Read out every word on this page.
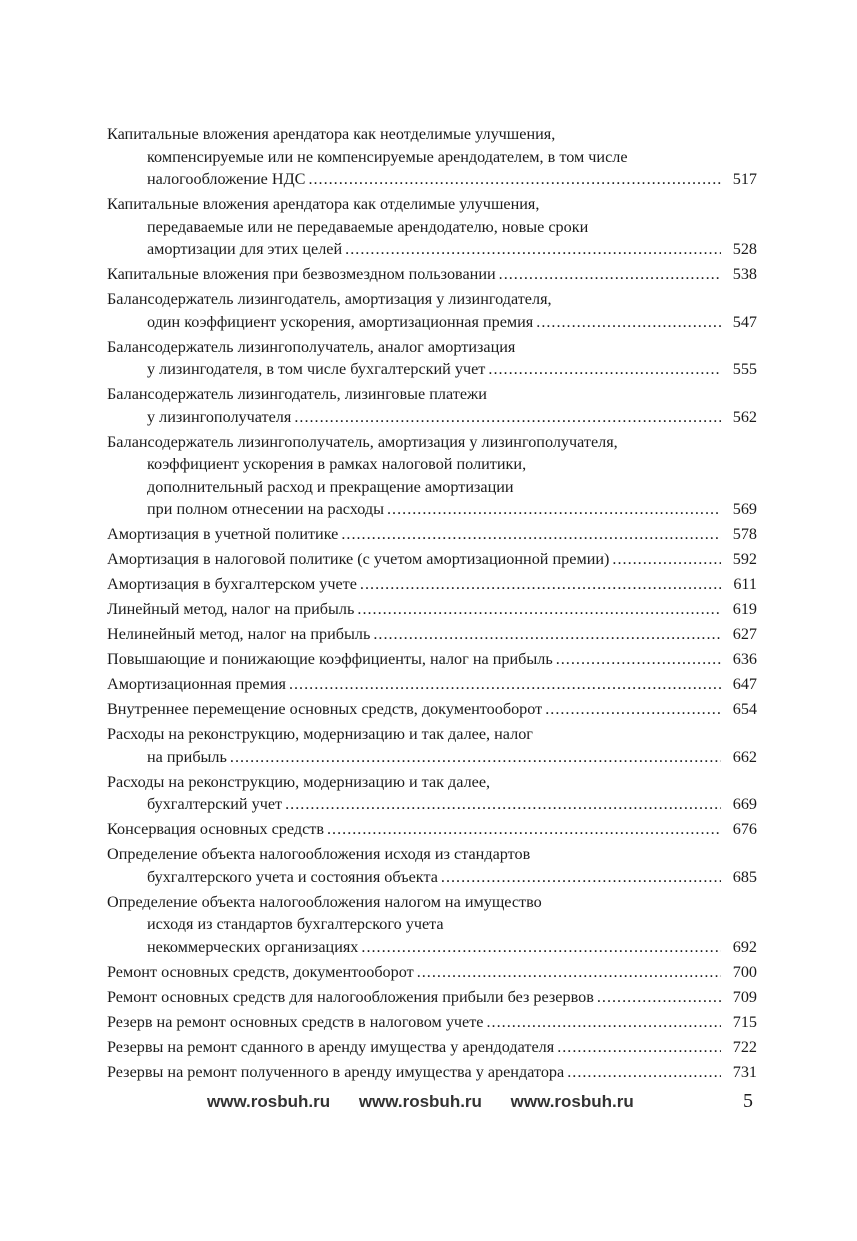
Капитальные вложения арендатора как неотделимые улучшения,
компенсируемые или не компенсируемые арендодателем, в том числе
налогообложение НДС .....	517
Капитальные вложения арендатора как отделимые улучшения,
передаваемые или не передаваемые арендодателю, новые сроки
амортизации для этих целей .....	528
Капитальные вложения при безвозмездном пользовании .....	538
Балансодержатель лизингодатель, амортизация у лизингодателя,
один коэффициент ускорения, амортизационная премия .....	547
Балансодержатель лизингополучатель, аналог амортизация
у лизингодателя, в том числе бухгалтерский учет .....	555
Балансодержатель лизингодатель, лизинговые платежи
у лизингополучателя .....	562
Балансодержатель лизингополучатель, амортизация у лизингополучателя,
коэффициент ускорения в рамках налоговой политики,
дополнительный расход и прекращение амортизации
при полном отнесении на расходы .....	569
Амортизация в учетной политике .....	578
Амортизация в налоговой политике (с учетом амортизационной премии) .....	592
Амортизация в бухгалтерском учете .....	611
Линейный метод, налог на прибыль .....	619
Нелинейный метод, налог на прибыль .....	627
Повышающие и понижающие коэффициенты, налог на прибыль .....	636
Амортизационная премия .....	647
Внутреннее перемещение основных средств, документооборот .....	654
Расходы на реконструкцию, модернизацию и так далее, налог
на прибыль .....	662
Расходы на реконструкцию, модернизацию и так далее,
бухгалтерский учет .....	669
Консервация основных средств .....	676
Определение объекта налогообложения исходя из стандартов
бухгалтерского учета и состояния объекта .....	685
Определение объекта налогообложения налогом на имущество
исходя из стандартов бухгалтерского учета
некоммерческих организациях .....	692
Ремонт основных средств, документооборот .....	700
Ремонт основных средств для налогообложения прибыли без резервов .....	709
Резерв на ремонт основных средств в налоговом учете .....	715
Резервы на ремонт сданного в аренду имущества у арендодателя .....	722
Резервы на ремонт полученного в аренду имущества у арендатора .....	731
www.rosbuh.ru www.rosbuh.ru www.rosbuh.ru	5
